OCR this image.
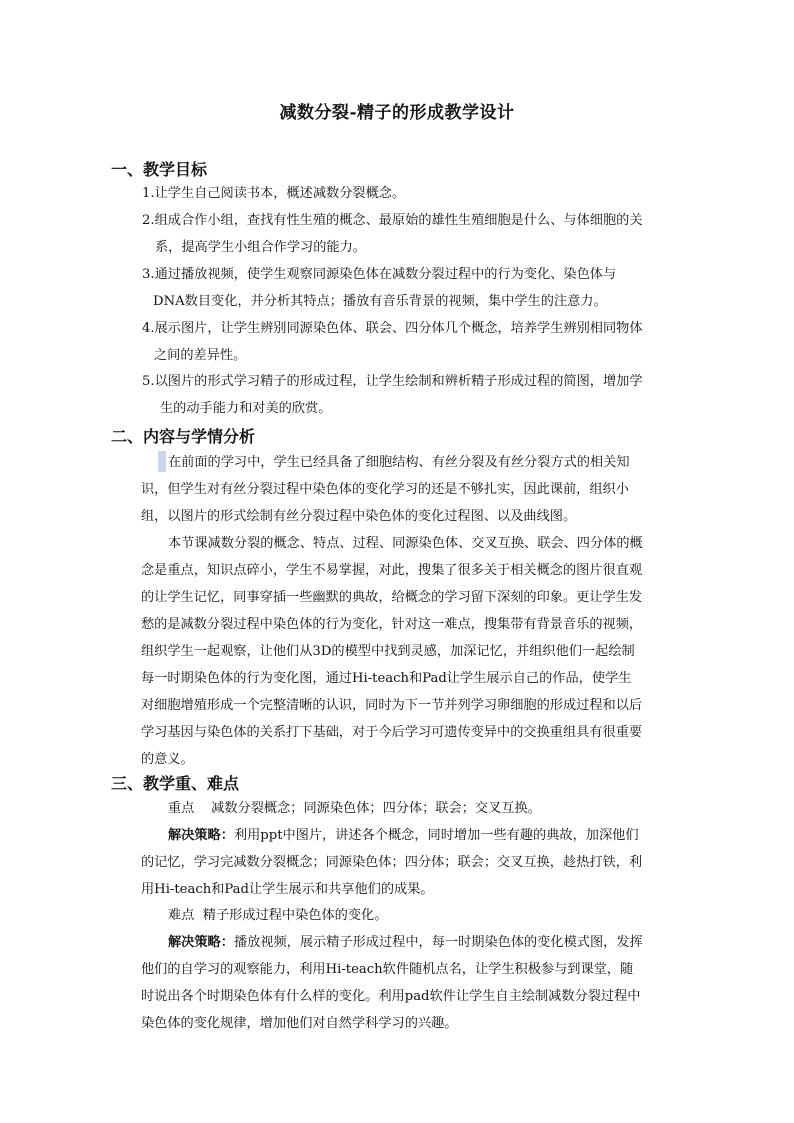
减数分裂-精子的形成教学设计
一、教学目标
1.让学生自己阅读书本，概述减数分裂概念。
2.组成合作小组，查找有性生殖的概念、最原始的雄性生殖细胞是什么、与体细胞的关
系，提高学生小组合作学习的能力。
3.通过播放视频，使学生观察同源染色体在减数分裂过程中的行为变化、染色体与
DNA数目变化，并分析其特点；播放有音乐背景的视频，集中学生的注意力。
4.展示图片，让学生辨别同源染色体、联会、四分体几个概念，培养学生辨别相同物体
之间的差异性。
5.以图片的形式学习精子的形成过程，让学生绘制和辨析精子形成过程的简图，增加学
生的动手能力和对美的欣赏。
二、内容与学情分析
在前面的学习中，学生已经具备了细胞结构、有丝分裂及有丝分裂方式的相关知
识，但学生对有丝分裂过程中染色体的变化学习的还是不够扎实，因此课前，组织小
组，以图片的形式绘制有丝分裂过程中染色体的变化过程图、以及曲线图。
本节课减数分裂的概念、特点、过程、同源染色体、交叉互换、联会、四分体的概
念是重点，知识点碎小，学生不易掌握，对此，搜集了很多关于相关概念的图片很直观
的让学生记忆，同事穿插一些幽默的典故，给概念的学习留下深刻的印象。更让学生发
愁的是减数分裂过程中染色体的行为变化，针对这一难点，搜集带有背景音乐的视频，
组织学生一起观察，让他们从3D的模型中找到灵感，加深记忆，并组织他们一起绘制
每一时期染色体的行为变化图，通过Hi-teach和Pad让学生展示自己的作品，使学生
对细胞增殖形成一个完整清晰的认识，同时为下一节并列学习卵细胞的形成过程和以后
学习基因与染色体的关系打下基础，对于今后学习可遗传变异中的交换重组具有很重要
的意义。
三、教学重、难点
重点    减数分裂概念；同源染色体；四分体；联会；交叉互换。
解决策略：利用ppt中图片，讲述各个概念，同时增加一些有趣的典故，加深他们
的记忆，学习完减数分裂概念；同源染色体；四分体；联会；交叉互换，趁热打铁，利
用Hi-teach和Pad让学生展示和共享他们的成果。
难点  精子形成过程中染色体的变化。
解决策略：播放视频，展示精子形成过程中，每一时期染色体的变化模式图，发挥
他们的自学习的观察能力，利用Hi-teach软件随机点名，让学生积极参与到课堂，随
时说出各个时期染色体有什么样的变化。利用pad软件让学生自主绘制减数分裂过程中
染色体的变化规律，增加他们对自然学科学习的兴趣。
